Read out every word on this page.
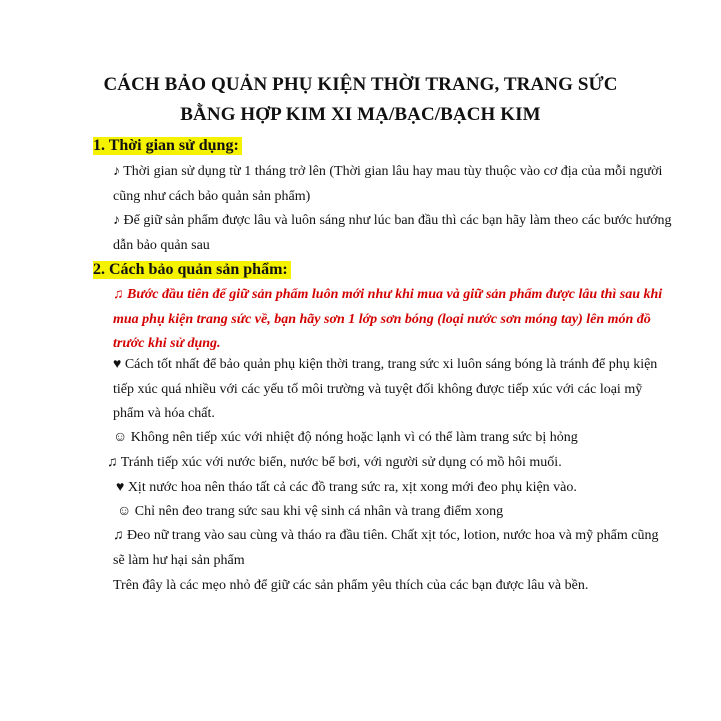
CÁCH BẢO QUẢN PHỤ KIỆN THỜI TRANG, TRANG SỨC
BẰNG HỢP KIM XI MẠ/BẠC/BẠCH KIM
1. Thời gian sử dụng:
♪ Thời gian sử dụng từ 1 tháng trở lên (Thời gian lâu hay mau tùy thuộc vào cơ địa của mỗi người cũng như cách bảo quản sản phẩm)
♪ Để giữ sản phẩm được lâu và luôn sáng như lúc ban đầu thì các bạn hãy làm theo các bước hướng dẫn bảo quản sau
2. Cách bảo quản sản phẩm:
♫ Bước đầu tiên để giữ sản phẩm luôn mới như khi mua và giữ sản phẩm được lâu thì sau khi mua phụ kiện trang sức về, bạn hãy sơn 1 lớp sơn bóng (loại nước sơn móng tay) lên món đồ trước khi sử dụng.
♥ Cách tốt nhất để bảo quản phụ kiện thời trang, trang sức xi luôn sáng bóng là tránh để phụ kiện tiếp xúc quá nhiều với các yếu tố môi trường và tuyệt đối không được tiếp xúc với các loại mỹ phẩm và hóa chất.
☺ Không nên tiếp xúc với nhiệt độ nóng hoặc lạnh vì có thể làm trang sức bị hỏng
♫ Tránh tiếp xúc với nước biển, nước bể bơi, với người sử dụng có mồ hôi muối.
♥ Xịt nước hoa nên tháo tất cả các đồ trang sức ra, xịt xong mới đeo phụ kiện vào.
☺ Chỉ nên đeo trang sức sau khi vệ sinh cá nhân và trang điểm xong
♫ Đeo nữ trang vào sau cùng và tháo ra đầu tiên. Chất xịt tóc, lotion, nước hoa và mỹ phẩm cũng sẽ làm hư hại sản phẩm
Trên đây là các mẹo nhỏ để giữ các sản phẩm yêu thích của các bạn được lâu và bền.
